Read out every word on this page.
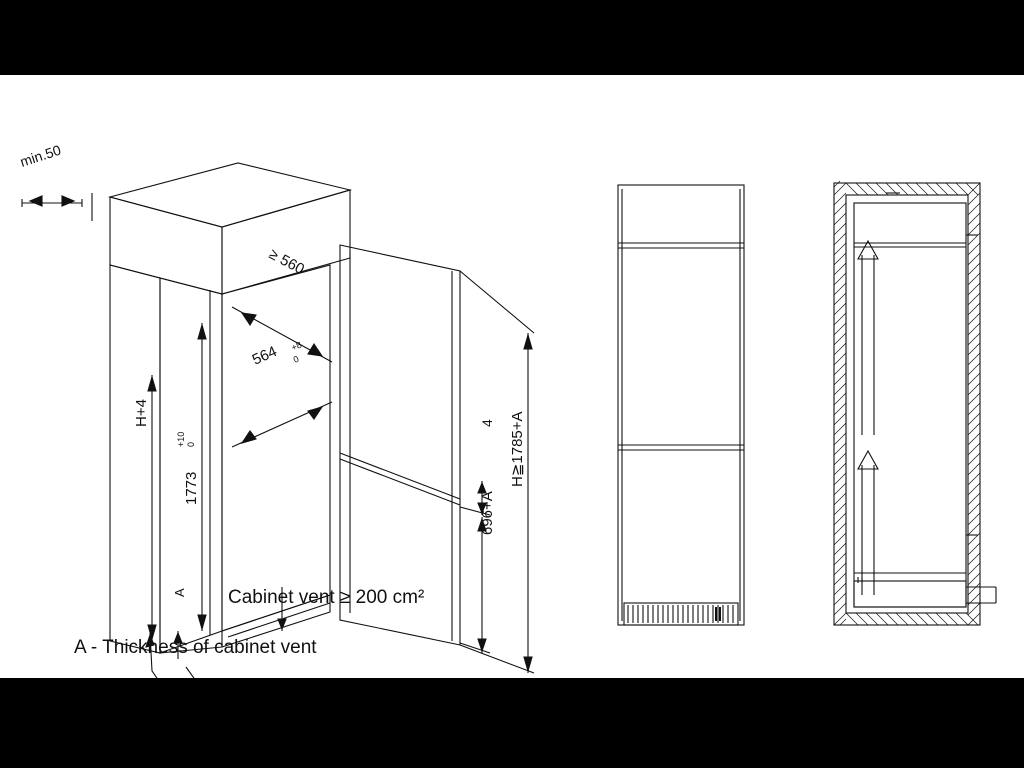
min.50
≥ 560
564 +8
0
1773
+10 0
H+4	H≧1785+A
4
696+A
A Cabinet vent ≥ 200 cm²
A - Thickness of cabinet vent
